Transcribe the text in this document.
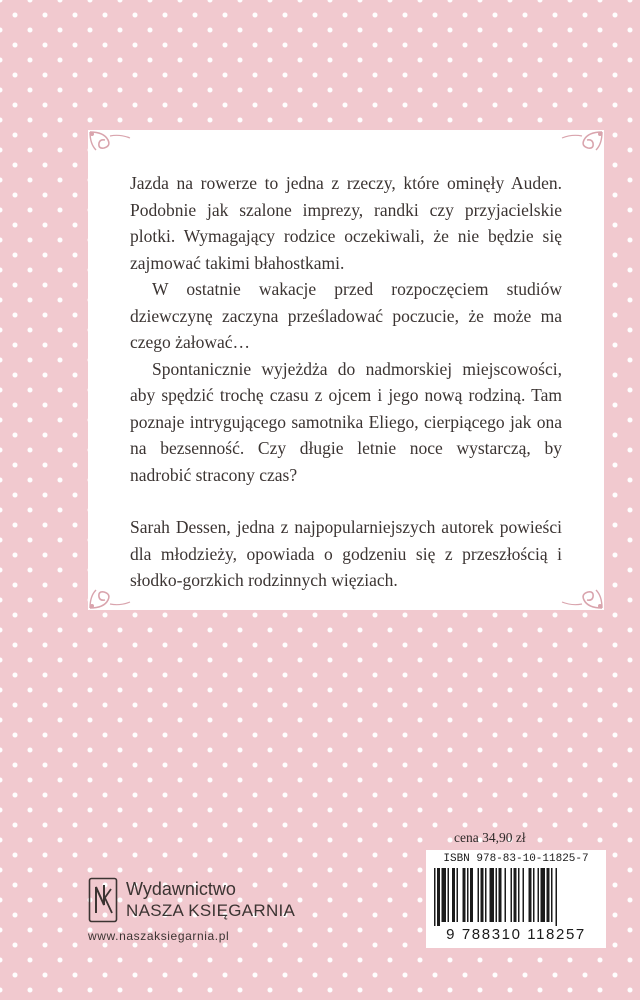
Jazda na rowerze to jedna z rzeczy, które ominęły Auden. Podobnie jak szalone imprezy, randki czy przyjacielskie plotki. Wymagający rodzice oczekiwali, że nie będzie się zajmować takimi błahostkami.

W ostatnie wakacje przed rozpoczęciem studiów dziewczynę zaczyna prześladować poczucie, że może ma czego żałować…

Spontanicznie wyjeżdża do nadmorskiej miejscowości, aby spędzić trochę czasu z ojcem i jego nową rodziną. Tam poznaje intrygującego samotnika Eliego, cierpiącego jak ona na bezsenność. Czy długie letnie noce wystarczą, by nadrobić stracony czas?

Sarah Dessen, jedna z najpopularniejszych autorek powieści dla młodzieży, opowiada o godzeniu się z przeszłością i słodko-gorzkich rodzinnych więziach.

Wydawnictwo
NASZA KSIĘGARNIA
www.naszaksiegarnia.pl
cena 34,90 zł
ISBN 978-83-10-11825-7
9 788310 118257
